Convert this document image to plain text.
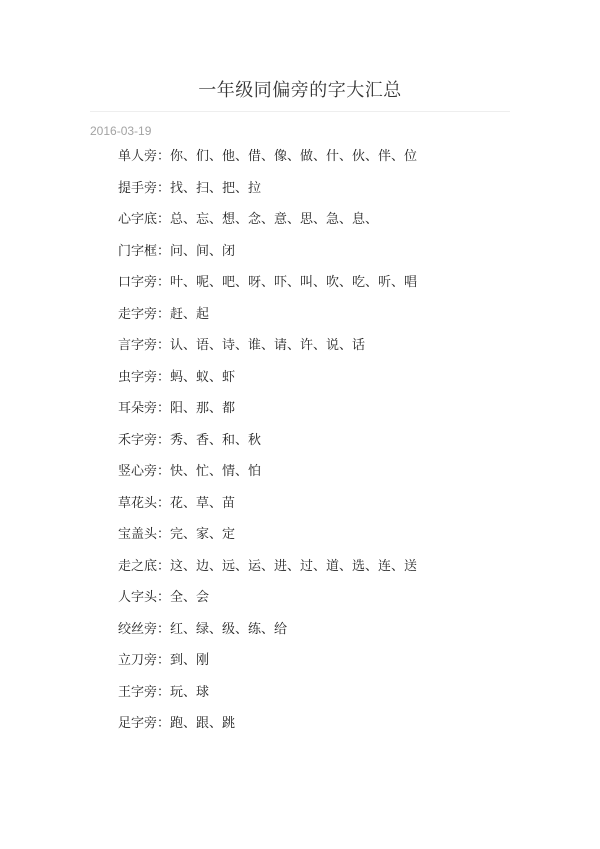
一年级同偏旁的字大汇总
2016-03-19
单人旁：你、们、他、借、像、做、什、伙、伴、位
提手旁：找、扫、把、拉
心字底：总、忘、想、念、意、思、急、息、
门字框：问、间、闭
口字旁：叶、呢、吧、呀、吓、叫、吹、吃、听、唱
走字旁：赶、起
言字旁：认、语、诗、谁、请、许、说、话
虫字旁：蚂、蚁、虾
耳朵旁：阳、那、都
禾字旁：秀、香、和、秋
竖心旁：快、忙、情、怕
草花头：花、草、苗
宝盖头：完、家、定
走之底：这、边、远、运、进、过、道、选、连、送
人字头：全、会
绞丝旁：红、绿、级、练、给
立刀旁：到、刚
王字旁：玩、球
足字旁：跑、跟、跳
